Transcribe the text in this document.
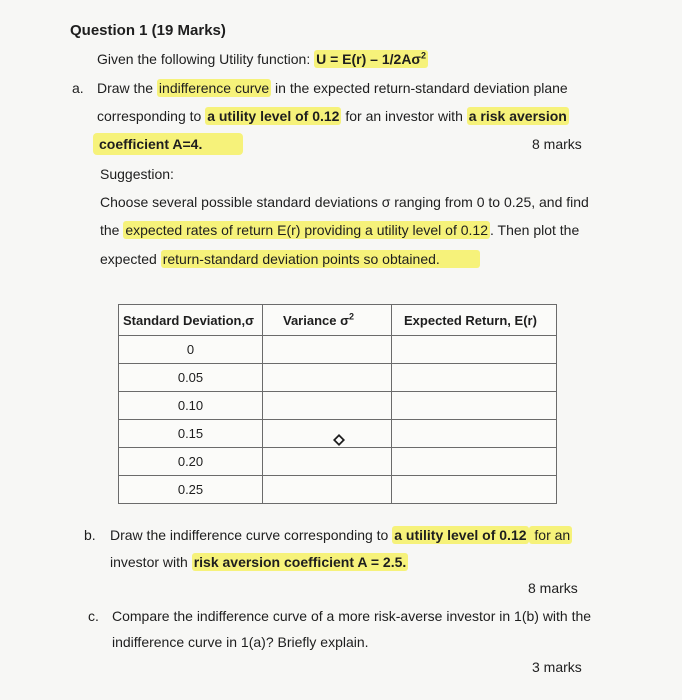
Question 1 (19 Marks)
Given the following Utility function: $U = E(r) - 1/2A\sigma^2$
a. Draw the indifference curve in the expected return-standard deviation plane
corresponding to a utility level of 0.12 for an investor with a risk aversion
coefficient A=4.	8 marks
Suggestion:
Choose several possible standard deviations σ ranging from 0 to 0.25, and find
the expected rates of return E(r) providing a utility level of 0.12 . Then plot the
expected return-standard deviation points so obtained.
Standard Deviation,σ	Variance $\sigma^2$	Expected Return, E(r)
0		
0.05		
0.10		
0.15		
0.20		
0.25		
b. Draw the indifference curve corresponding to a utility level of 0.12 for an
investor with risk aversion coefficient A = 2.5.
8 marks
c. Compare the indifference curve of a more risk-averse investor in 1(b) with the
indifference curve in 1(a)? Briefly explain.
3 marks
